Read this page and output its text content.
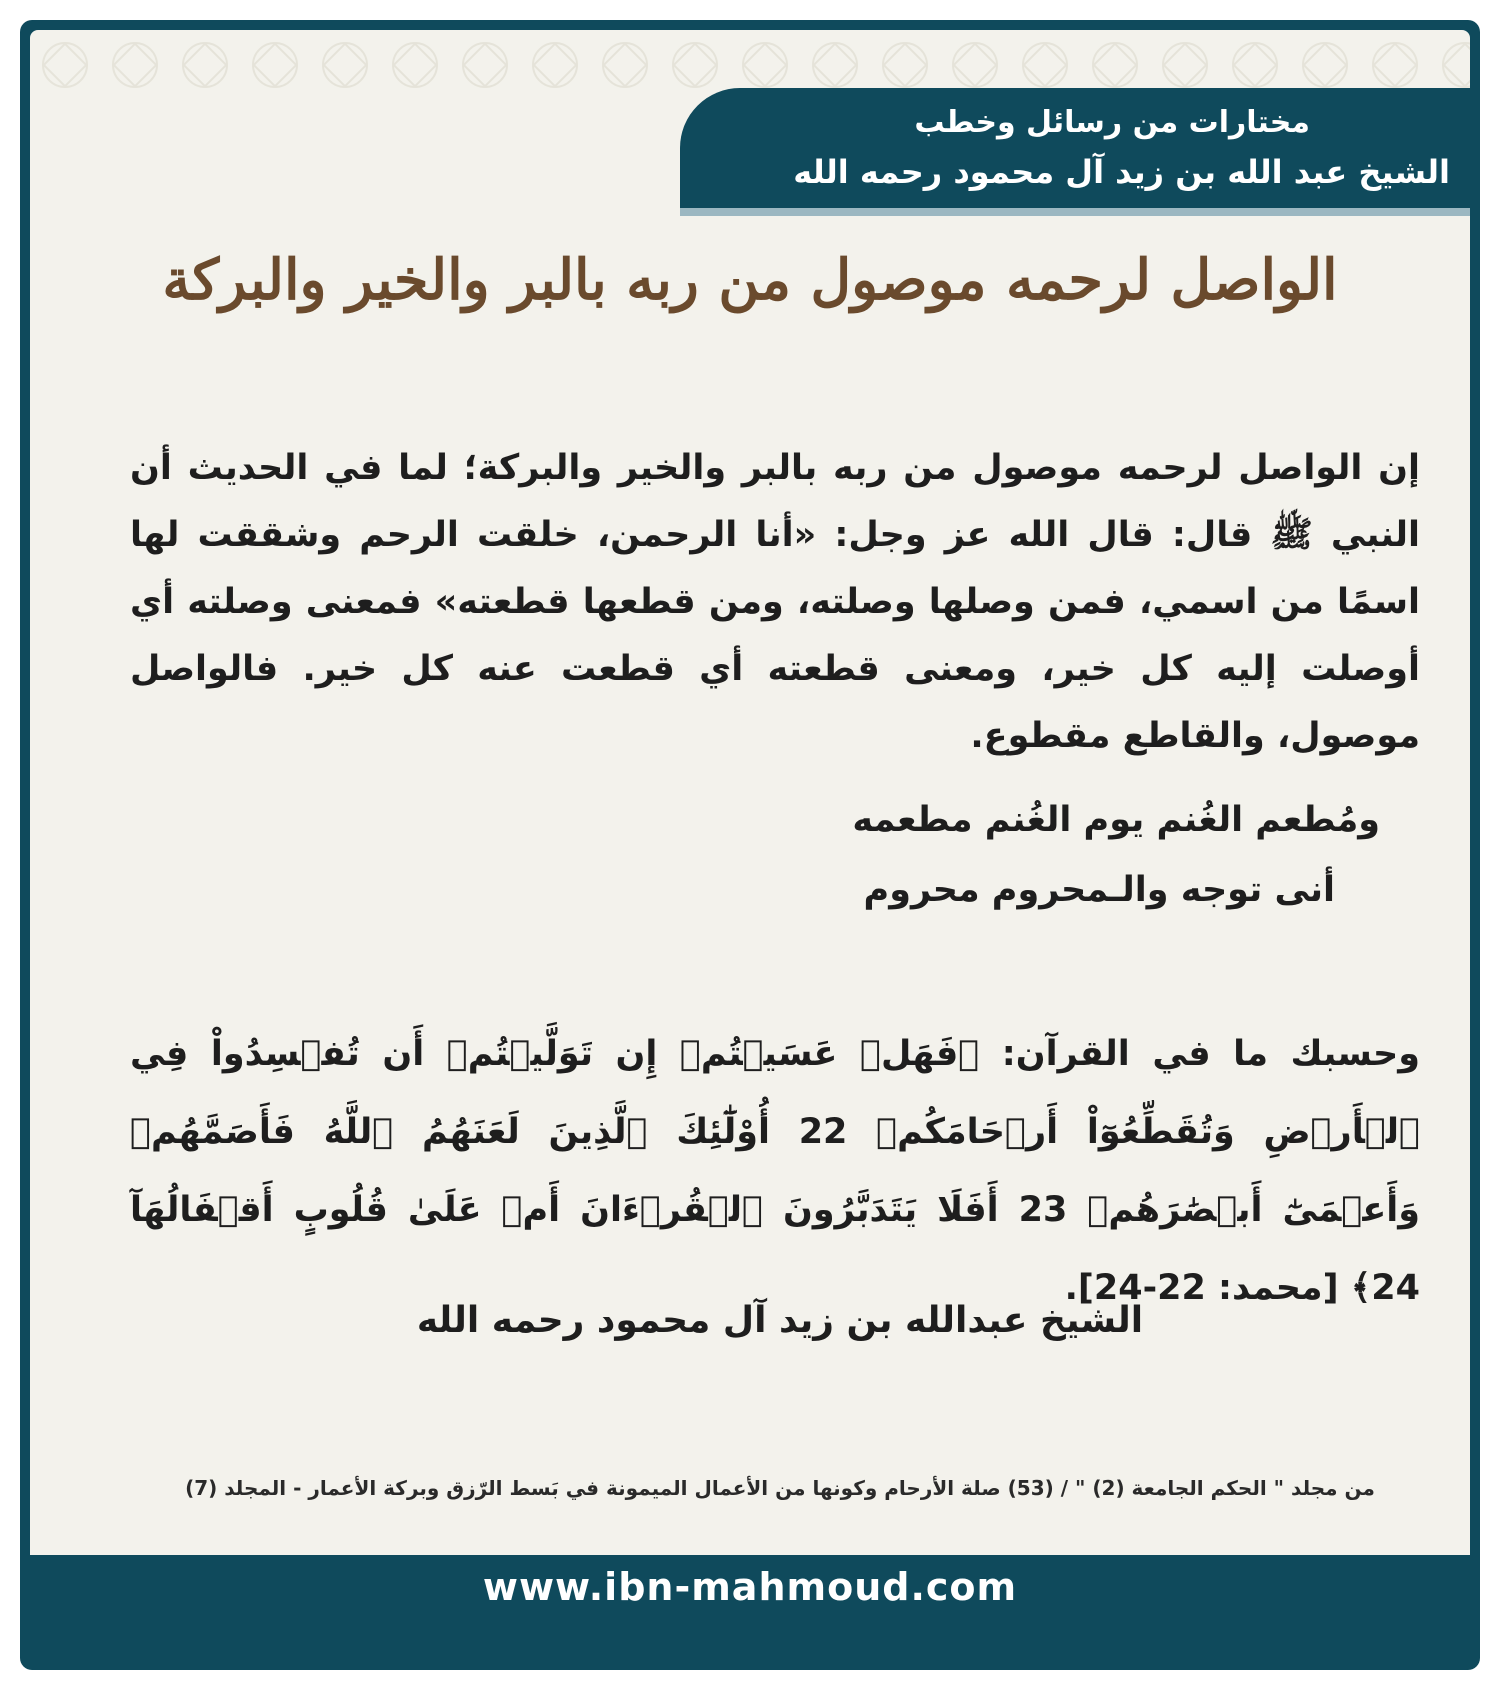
مختارات من رسائل وخطب
الشيخ عبد الله بن زيد آل محمود رحمه الله
الواصل لرحمه موصول من ربه بالبر والخير والبركة
إن الواصل لرحمه موصول من ربه بالبر والخير والبركة؛ لما في الحديث أن النبي ﷺ قال: قال الله عز وجل: «أنا الرحمن، خلقت الرحم وشققت لها اسمًا من اسمي، فمن وصلها وصلته، ومن قطعها قطعته» فمعنى وصلته أي أوصلت إليه كل خير، ومعنى قطعته أي قطعت عنه كل خير. فالواصل موصول، والقاطع مقطوع.
ومُطعم الغُنم يوم الغُنم مطعمه
أنى توجه والـمحروم محروم
وحسبك ما في القرآن: ﴿فَهَلۡ عَسَيۡتُمۡ إِن تَوَلَّيۡتُمۡ أَن تُفۡسِدُواْ فِي ٱلۡأَرۡضِ وَتُقَطِّعُوٓاْ أَرۡحَامَكُمۡ 22 أُوْلَٰٓئِكَ ٱلَّذِينَ لَعَنَهُمُ ٱللَّهُ فَأَصَمَّهُمۡ وَأَعۡمَىٰٓ أَبۡصَٰرَهُمۡ 23 أَفَلَا يَتَدَبَّرُونَ ٱلۡقُرۡءَانَ أَمۡ عَلَىٰ قُلُوبٍ أَقۡفَالُهَآ 24﴾ [محمد: 22-24].
الشيخ عبدالله بن زيد آل محمود رحمه الله
من مجلد " الحكم الجامعة (2) " / (53) صلة الأرحام وكونها من الأعمال الميمونة في بَسط الرّزق وبركة الأعمار - المجلد (7)
www.ibn-mahmoud.com
